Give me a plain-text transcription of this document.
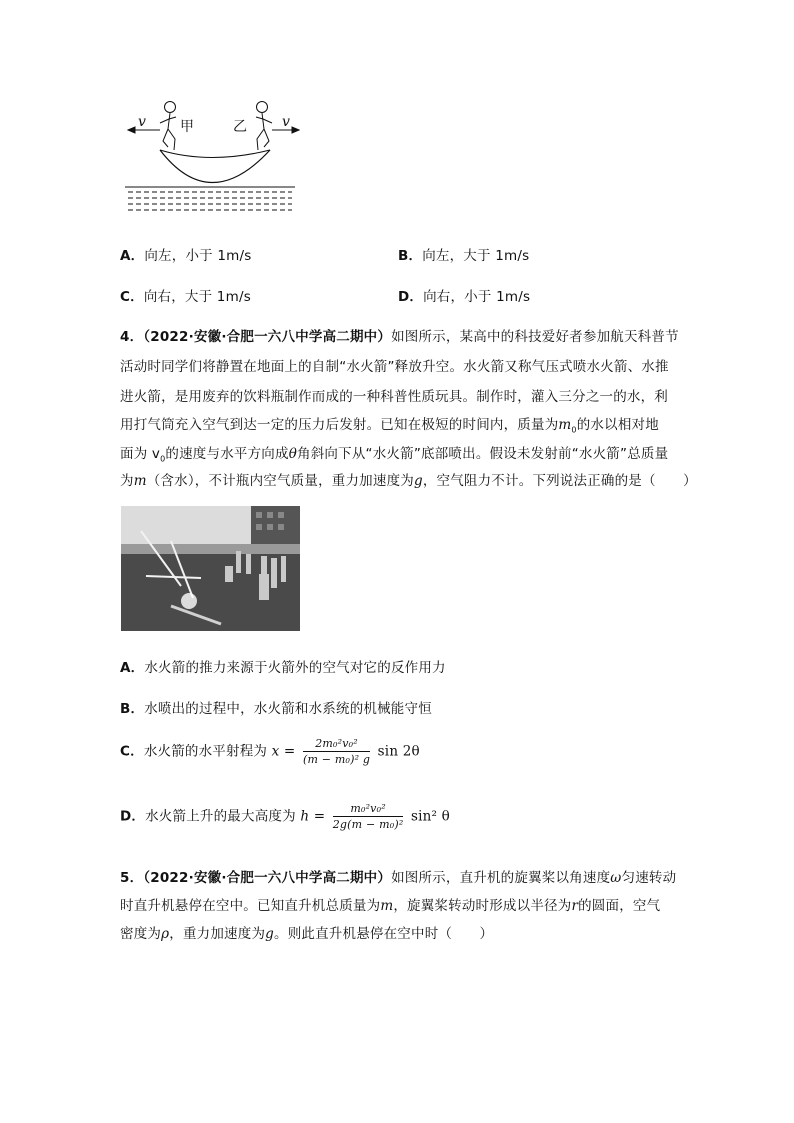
v 甲	乙	v
A．向左，小于 1m/s	B．向左，大于 1m/s
C．向右，大于 1m/s	D．向右，小于 1m/s
4．（2022·安徽·合肥一六八中学高二期中）如图所示，某高中的科技爱好者参加航天科普节
活动时同学们将静置在地面上的自制“水火箭”释放升空。水火箭又称气压式喷水火箭、水推
进火箭，是用废弃的饮料瓶制作而成的一种科普性质玩具。制作时，灌入三分之一的水，利
用打气筒充入空气到达一定的压力后发射。已知在极短的时间内，质量为$m_0$的水以相对地
面为 $v_0$的速度与水平方向成θ角斜向下从“水火箭”底部喷出。假设未发射前“水火箭”总质量
为m（含水），不计瓶内空气质量，重力加速度为g，空气阻力不计。下列说法正确的是（　　）
A．水火箭的推力来源于火箭外的空气对它的反作用力
B．水喷出的过程中，水火箭和水系统的机械能守恒
C．水火箭的水平射程为 $x = \frac{\text{2m₀²v₀²}}{\text{(m − m₀)² g}}$ sin 2θ
D．水火箭上升的最大高度为 $h = \frac{\text{m₀²v₀²}}{\text{2g(m − m₀)²}} \sin^2$ θ
5．（2022·安徽·合肥一六八中学高二期中）如图所示，直升机的旋翼桨以角速度ω匀速转动
时直升机悬停在空中。已知直升机总质量为m，旋翼桨转动时形成以半径为r的圆面，空气
密度为ρ，重力加速度为g。则此直升机悬停在空中时（　　）
